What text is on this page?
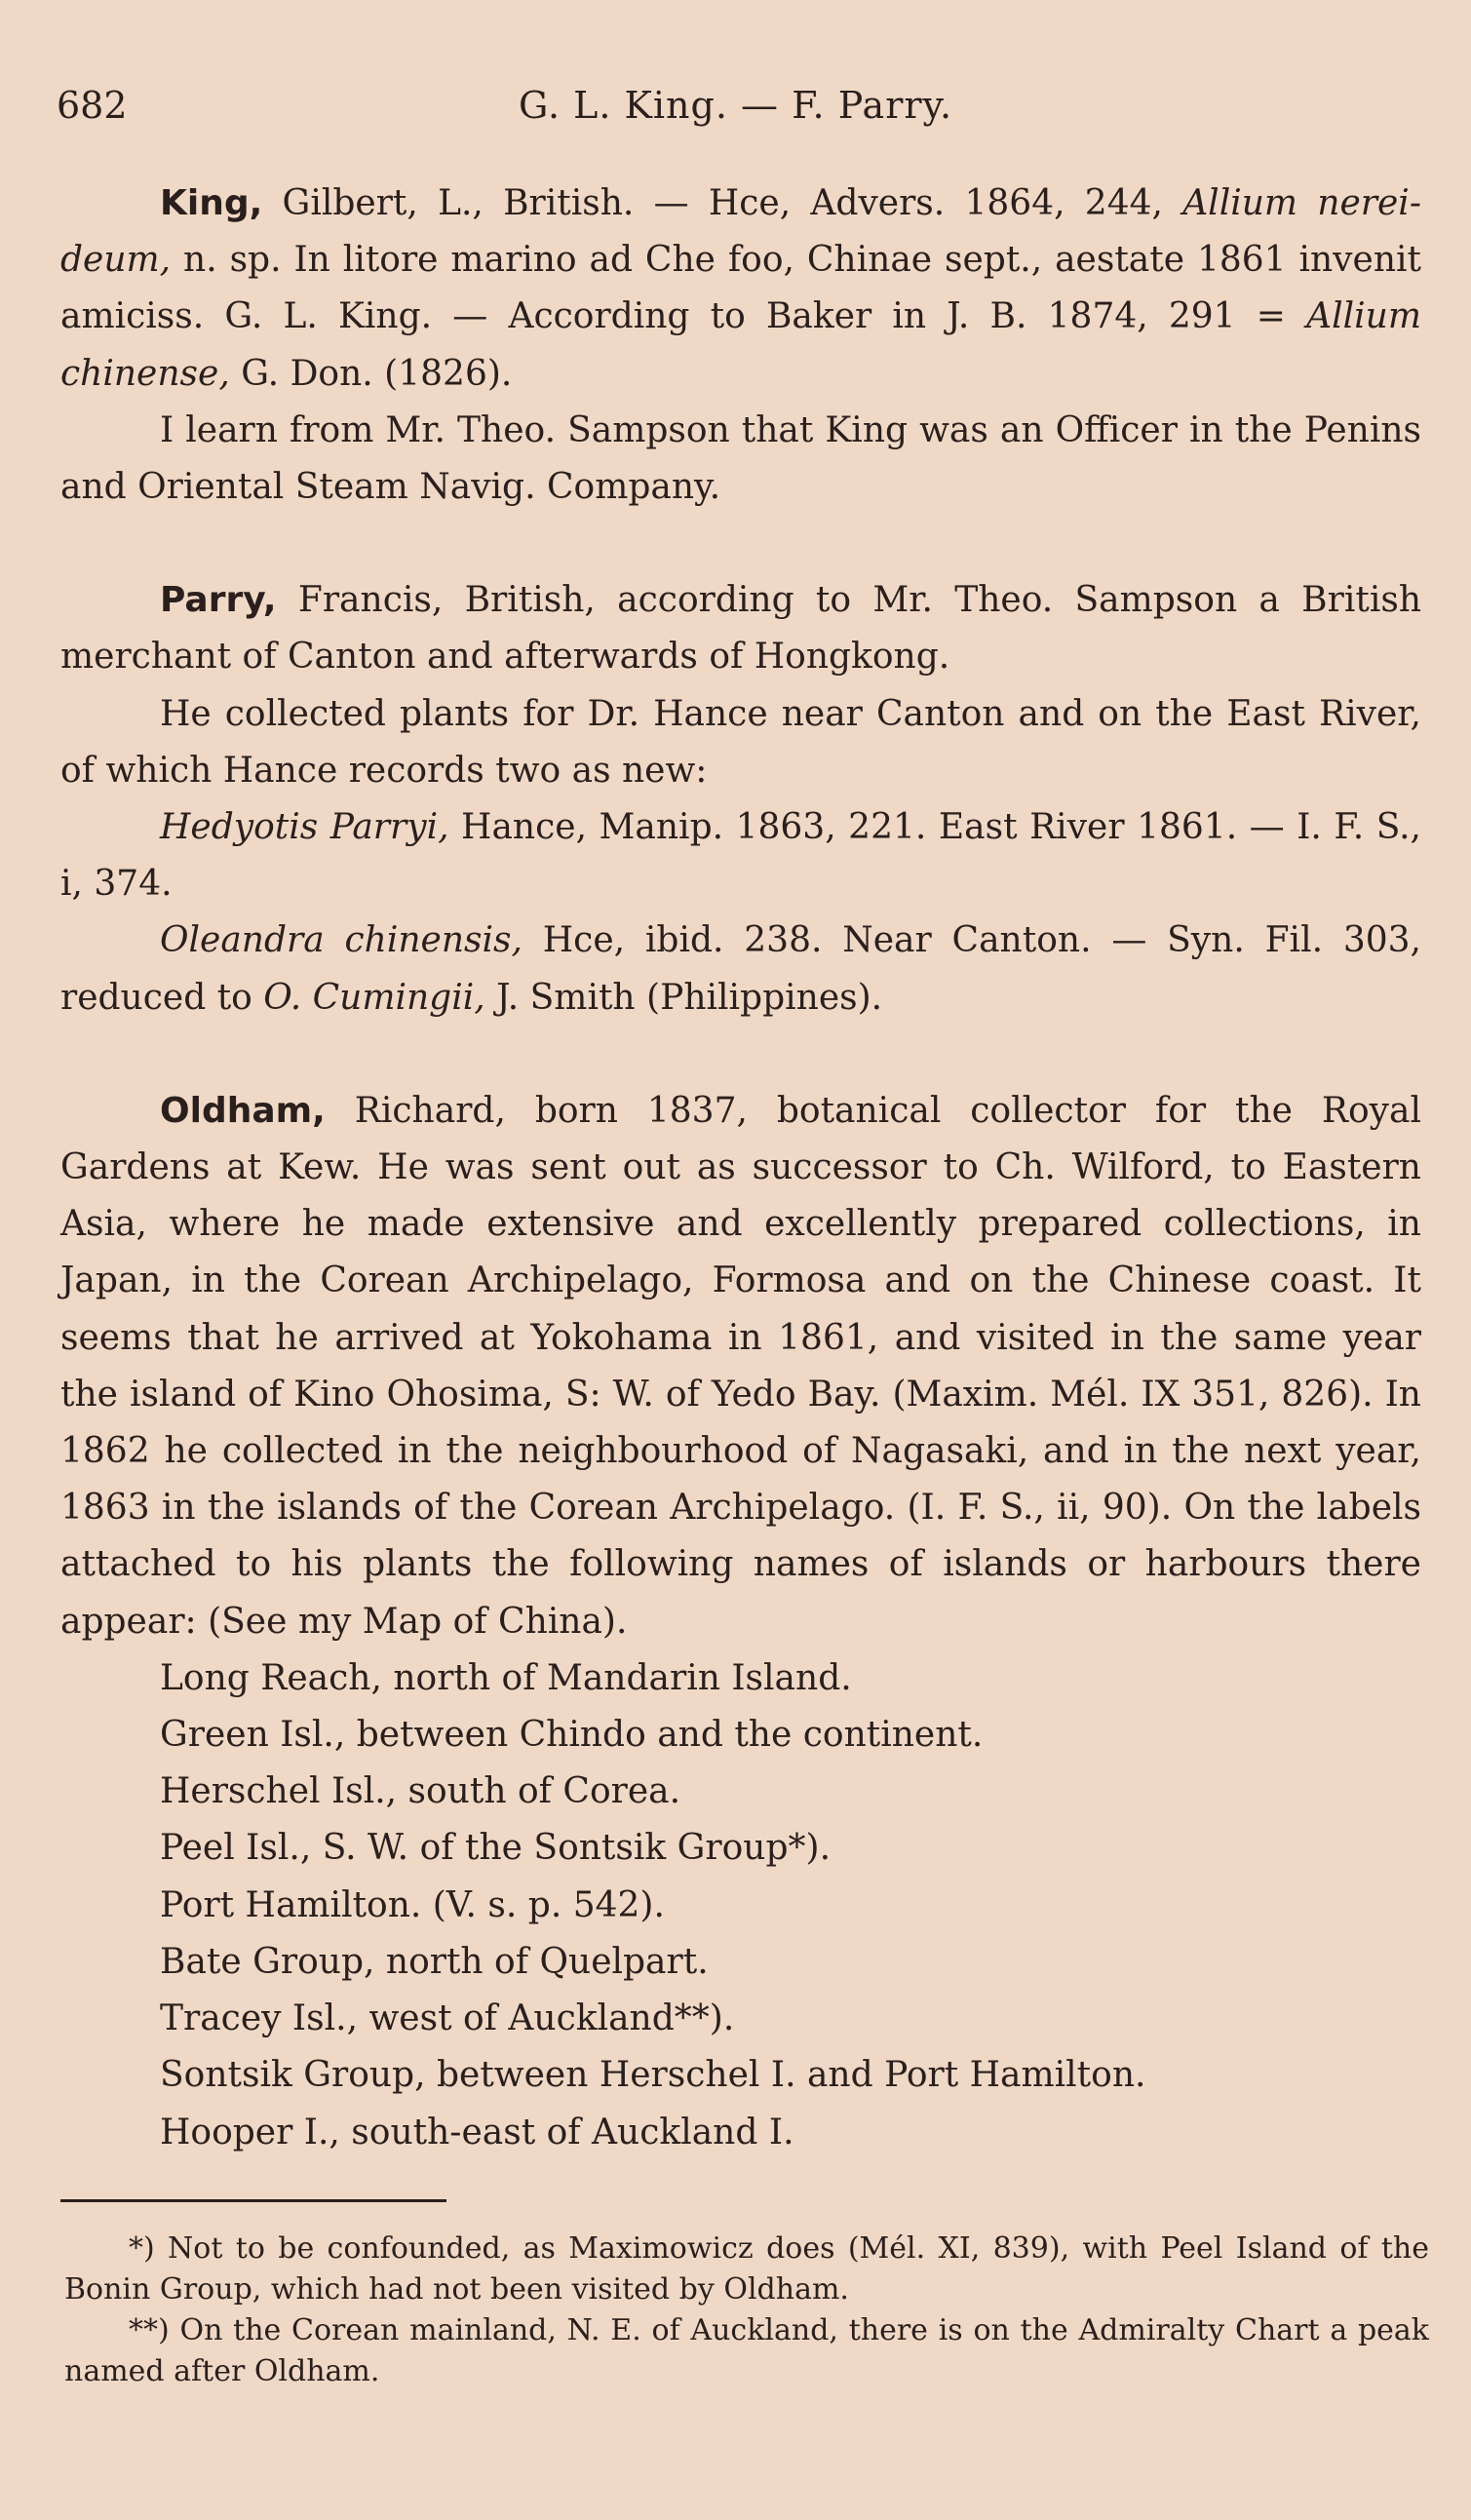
682	G. L. King. — F. Parry.

King, Gilbert, L., British. — Hce, Advers. 1864, 244, Allium nerei-deum, n. sp. In litore marino ad Che foo, Chinae sept., aestate 1861 invenit amiciss. G. L. King. — According to Baker in J. B. 1874, 291 = Allium chinense, G. Don. (1826).

I learn from Mr. Theo. Sampson that King was an Officer in the Penins and Oriental Steam Navig. Company.

Parry, Francis, British, according to Mr. Theo. Sampson a British merchant of Canton and afterwards of Hongkong.

He collected plants for Dr. Hance near Canton and on the East River, of which Hance records two as new:

Hedyotis Parryi, Hance, Manip. 1863, 221. East River 1861. — I. F. S., i, 374.

Oleandra chinensis, Hce, ibid. 238. Near Canton. — Syn. Fil. 303, reduced to O. Cumingii, J. Smith (Philippines).

Oldham, Richard, born 1837, botanical collector for the Royal Gardens at Kew. He was sent out as successor to Ch. Wilford, to Eastern Asia, where he made extensive and excellently prepared collections, in Japan, in the Corean Archipelago, Formosa and on the Chinese coast. It seems that he arrived at Yokohama in 1861, and visited in the same year the island of Kino Ohosima, S: W. of Yedo Bay. (Maxim. Mél. IX 351, 826). In 1862 he collected in the neighbourhood of Nagasaki, and in the next year, 1863 in the islands of the Corean Archipelago. (I. F. S., ii, 90). On the labels attached to his plants the following names of islands or harbours there appear: (See my Map of China).

Long Reach, north of Mandarin Island.
Green Isl., between Chindo and the continent.
Herschel Isl., south of Corea.
Peel Isl., S. W. of the Sontsik Group*).
Port Hamilton. (V. s. p. 542).
Bate Group, north of Quelpart.
Tracey Isl., west of Auckland**).
Sontsik Group, between Herschel I. and Port Hamilton.
Hooper I., south-east of Auckland I.

*) Not to be confounded, as Maximowicz does (Mél. XI, 839), with Peel Island of the Bonin Group, which had not been visited by Oldham.

**) On the Corean mainland, N. E. of Auckland, there is on the Admiralty Chart a peak named after Oldham.
